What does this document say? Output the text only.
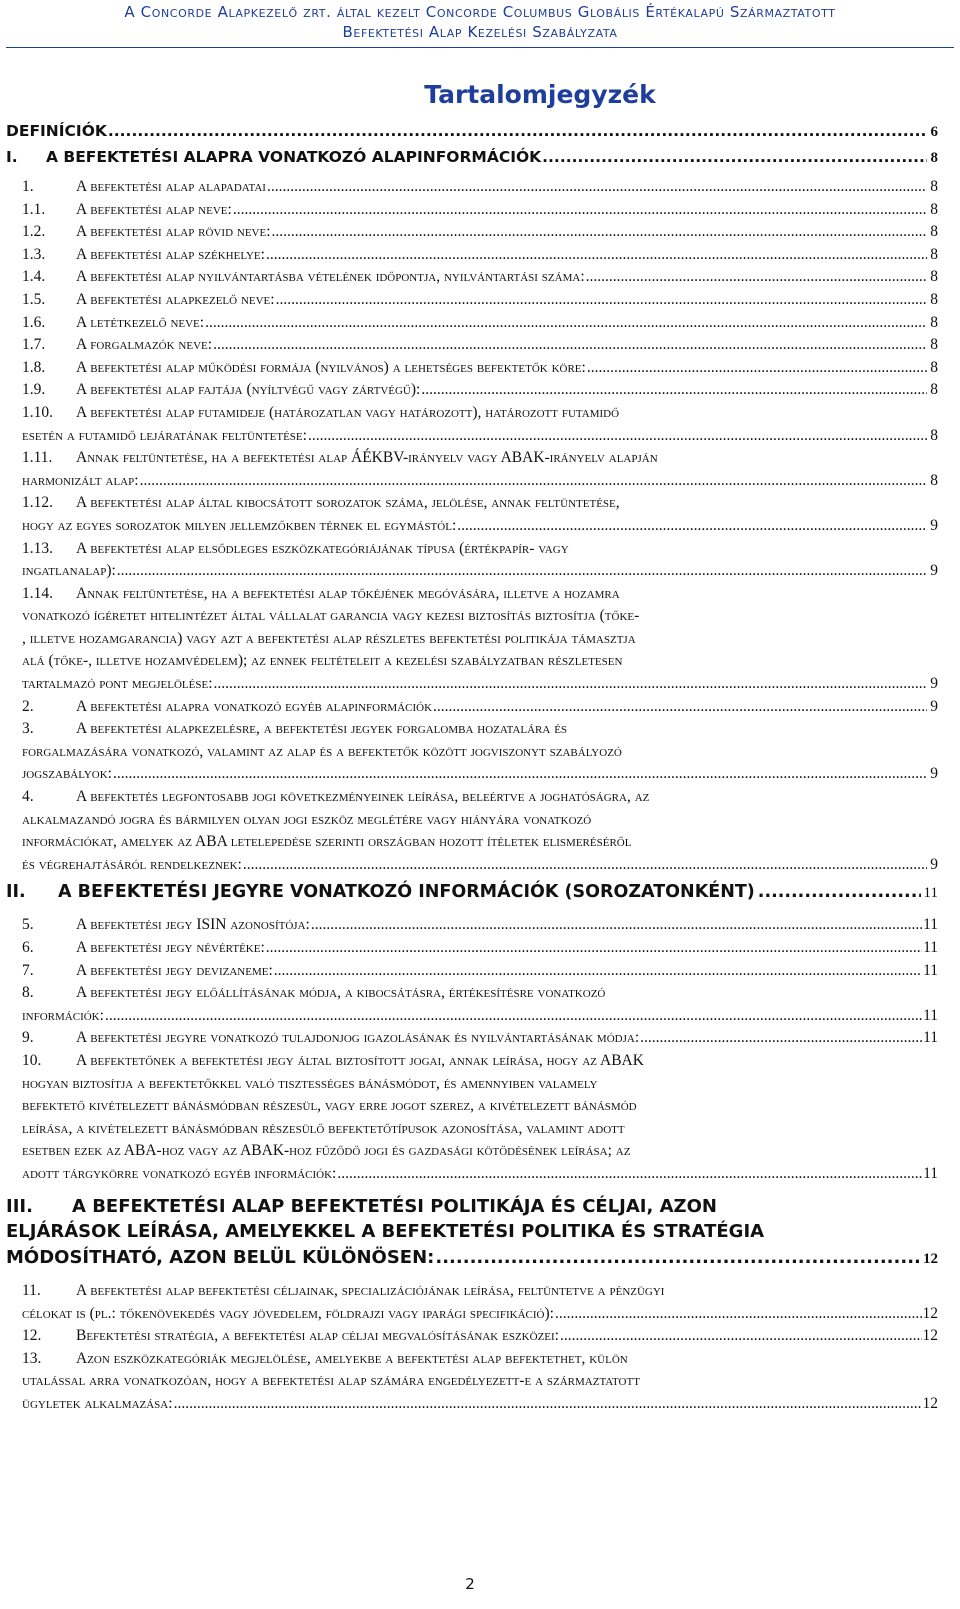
A Concorde Alapkezelő zrt. által kezelt Concorde Columbus Globális Értékalapú Származtatott
Befektetési Alap Kezelési Szabályzata
Tartalomjegyzék
DEFINÍCIÓK .....	6
I.	A BEFEKTETÉSI ALAPRA VONATKOZÓ ALAPINFORMÁCIÓK .....	8
1.	A befektetési alap alapadatai .....	8
1.1.	A befektetési alap neve: .....	8
1.2.	A befektetési alap rövid neve: .....	8
1.3.	A befektetési alap székhelye: .....	8
1.4.	A befektetési alap nyilvántartásba vételének időpontja, nyilvántartási száma: .....	8
1.5.	A befektetési alapkezelő neve: .....	8
1.6.	A letétkezelő neve: .....	8
1.7.	A forgalmazók neve: .....	8
1.8.	A befektetési alap működési formája (nyilvános) a lehetséges befektetők köre: .....	8
1.9.	A befektetési alap fajtája (nyíltvégű vagy zártvégű): .....	8
1.10. A befektetési alap futamideje (határozatlan vagy határozott), határozott futamidő
esetén a futamidő lejáratának feltüntetése: .....	8
1.11. Annak feltüntetése, ha a befektetési alap ÁÉKBV-irányelv vagy ABAK-irányelv alapján
harmonizált alap: .....	8
1.12. A befektetési alap által kibocsátott sorozatok száma, jelölése, annak feltüntetése,
hogy az egyes sorozatok milyen jellemzőkben térnek el egymástól: .....	9
1.13. A befektetési alap elsődleges eszközkategóriájának típusa (értékpapír- vagy
ingatlanalap): .....	9
1.14. Annak feltüntetése, ha a befektetési alap tőkéjének megóvására, illetve a hozamra
vonatkozó ígéretet hitelintézet által vállalat garancia vagy kezesi biztosítás biztosítja (tőke-
, illetve hozamgarancia) vagy azt a befektetési alap részletes befektetési politikája támasztja
alá (tőke-, illetve hozamvédelem); az ennek feltételeit a kezelési szabályzatban részletesen
tartalmazó pont megjelölése: .....	9
2.	A befektetési alapra vonatkozó egyéb alapinformációk .....	9
3.	A befektetési alapkezelésre, a befektetési jegyek forgalomba hozatalára és
forgalmazására vonatkozó, valamint az alap és a befektetők között jogviszonyt szabályozó
jogszabályok: .....	9
4.	A befektetés legfontosabb jogi következményeinek leírása, beleértve a joghatóságra, az
alkalmazandó jogra és bármilyen olyan jogi eszköz meglétére vagy hiányára vonatkozó
információkat, amelyek az ABA letelepedése szerinti országban hozott ítéletek elismeréséről
és végrehajtásáról rendelkeznek: .....	9
II.	A BEFEKTETÉSI JEGYRE VONATKOZÓ INFORMÁCIÓK (SOROZATONKÉNT) .....	11
5.	A befektetési jegy ISIN azonosítója: .....	11
6.	A befektetési jegy névértéke: .....	11
7.	A befektetési jegy devizaneme: .....	11
8.	A befektetési jegy előállításának módja, a kibocsátásra, értékesítésre vonatkozó
információk: .....	11
9.	A befektetési jegyre vonatkozó tulajdonjog igazolásának és nyilvántartásának módja: .....	11
10. A befektetőnek a befektetési jegy által biztosított jogai, annak leírása, hogy az ABAK
hogyan biztosítja a befektetőkkel való tisztességes bánásmódot, és amennyiben valamely
befektető kivételezett bánásmódban részesül, vagy erre jogot szerez, a kivételezett bánásmód
leírása, a kivételezett bánásmódban részesülő befektetőtípusok azonosítása, valamint adott
esetben ezek az ABA-hoz vagy az ABAK-hoz fűződő jogi és gazdasági kötődésének leírása; az
adott tárgykörre vonatkozó egyéb információk: .....	11
III. A BEFEKTETÉSI ALAP BEFEKTETÉSI POLITIKÁJA ÉS CÉLJAI, AZON
ELJÁRÁSOK LEÍRÁSA, AMELYEKKEL A BEFEKTETÉSI POLITIKA ÉS STRATÉGIA
MÓDOSÍTHATÓ, AZON BELÜL KÜLÖNÖSEN: .....	12
11. A befektetési alap befektetési céljainak, specializációjának leírása, feltüntetve a pénzügyi
célokat is (pl.: tőkenövekedés vagy jövedelem, földrajzi vagy iparági specifikáció): .....	12
12.	Befektetési stratégia, a befektetési alap céljai megvalósításának eszközei: .....	12
13. Azon eszközkategóriák megjelölése, amelyekbe a befektetési alap befektethet, külön
utalással arra vonatkozóan, hogy a befektetési alap számára engedélyezett-e a származtatott
ügyletek alkalmazása: .....	12
2
